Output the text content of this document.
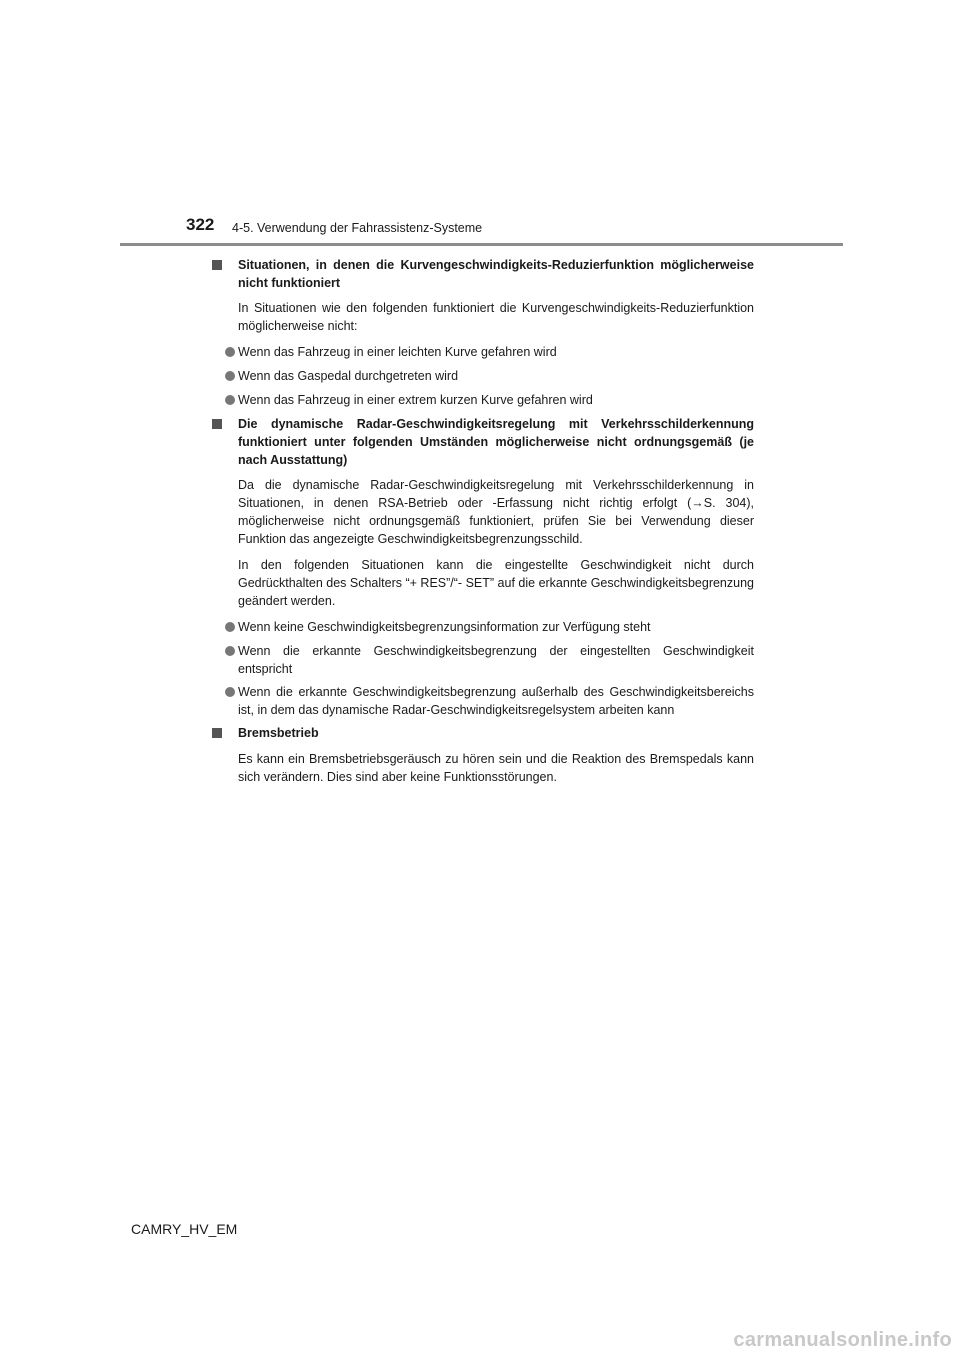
322 4-5. Verwendung der Fahrassistenz-Systeme
Situationen, in denen die Kurvengeschwindigkeits-Reduzierfunktion möglicherweise nicht funktioniert
In Situationen wie den folgenden funktioniert die Kurvengeschwindigkeits-Reduzierfunktion möglicherweise nicht:
Wenn das Fahrzeug in einer leichten Kurve gefahren wird
Wenn das Gaspedal durchgetreten wird
Wenn das Fahrzeug in einer extrem kurzen Kurve gefahren wird
Die dynamische Radar-Geschwindigkeitsregelung mit Verkehrsschilderkennung funktioniert unter folgenden Umständen möglicherweise nicht ordnungsgemäß (je nach Ausstattung)
Da die dynamische Radar-Geschwindigkeitsregelung mit Verkehrsschilderkennung in Situationen, in denen RSA-Betrieb oder -Erfassung nicht richtig erfolgt (→S. 304), möglicherweise nicht ordnungsgemäß funktioniert, prüfen Sie bei Verwendung dieser Funktion das angezeigte Geschwindigkeitsbegrenzungsschild.
In den folgenden Situationen kann die eingestellte Geschwindigkeit nicht durch Gedrückthalten des Schalters “+ RES”/“- SET” auf die erkannte Geschwindigkeitsbegrenzung geändert werden.
Wenn keine Geschwindigkeitsbegrenzungsinformation zur Verfügung steht
Wenn die erkannte Geschwindigkeitsbegrenzung der eingestellten Geschwindigkeit entspricht
Wenn die erkannte Geschwindigkeitsbegrenzung außerhalb des Geschwindigkeitsbereichs ist, in dem das dynamische Radar-Geschwindigkeitsregelsystem arbeiten kann
Bremsbetrieb
Es kann ein Bremsbetriebsgeräusch zu hören sein und die Reaktion des Bremspedals kann sich verändern. Dies sind aber keine Funktionsstörungen.
CAMRY_HV_EM
carmanualsonline.info
